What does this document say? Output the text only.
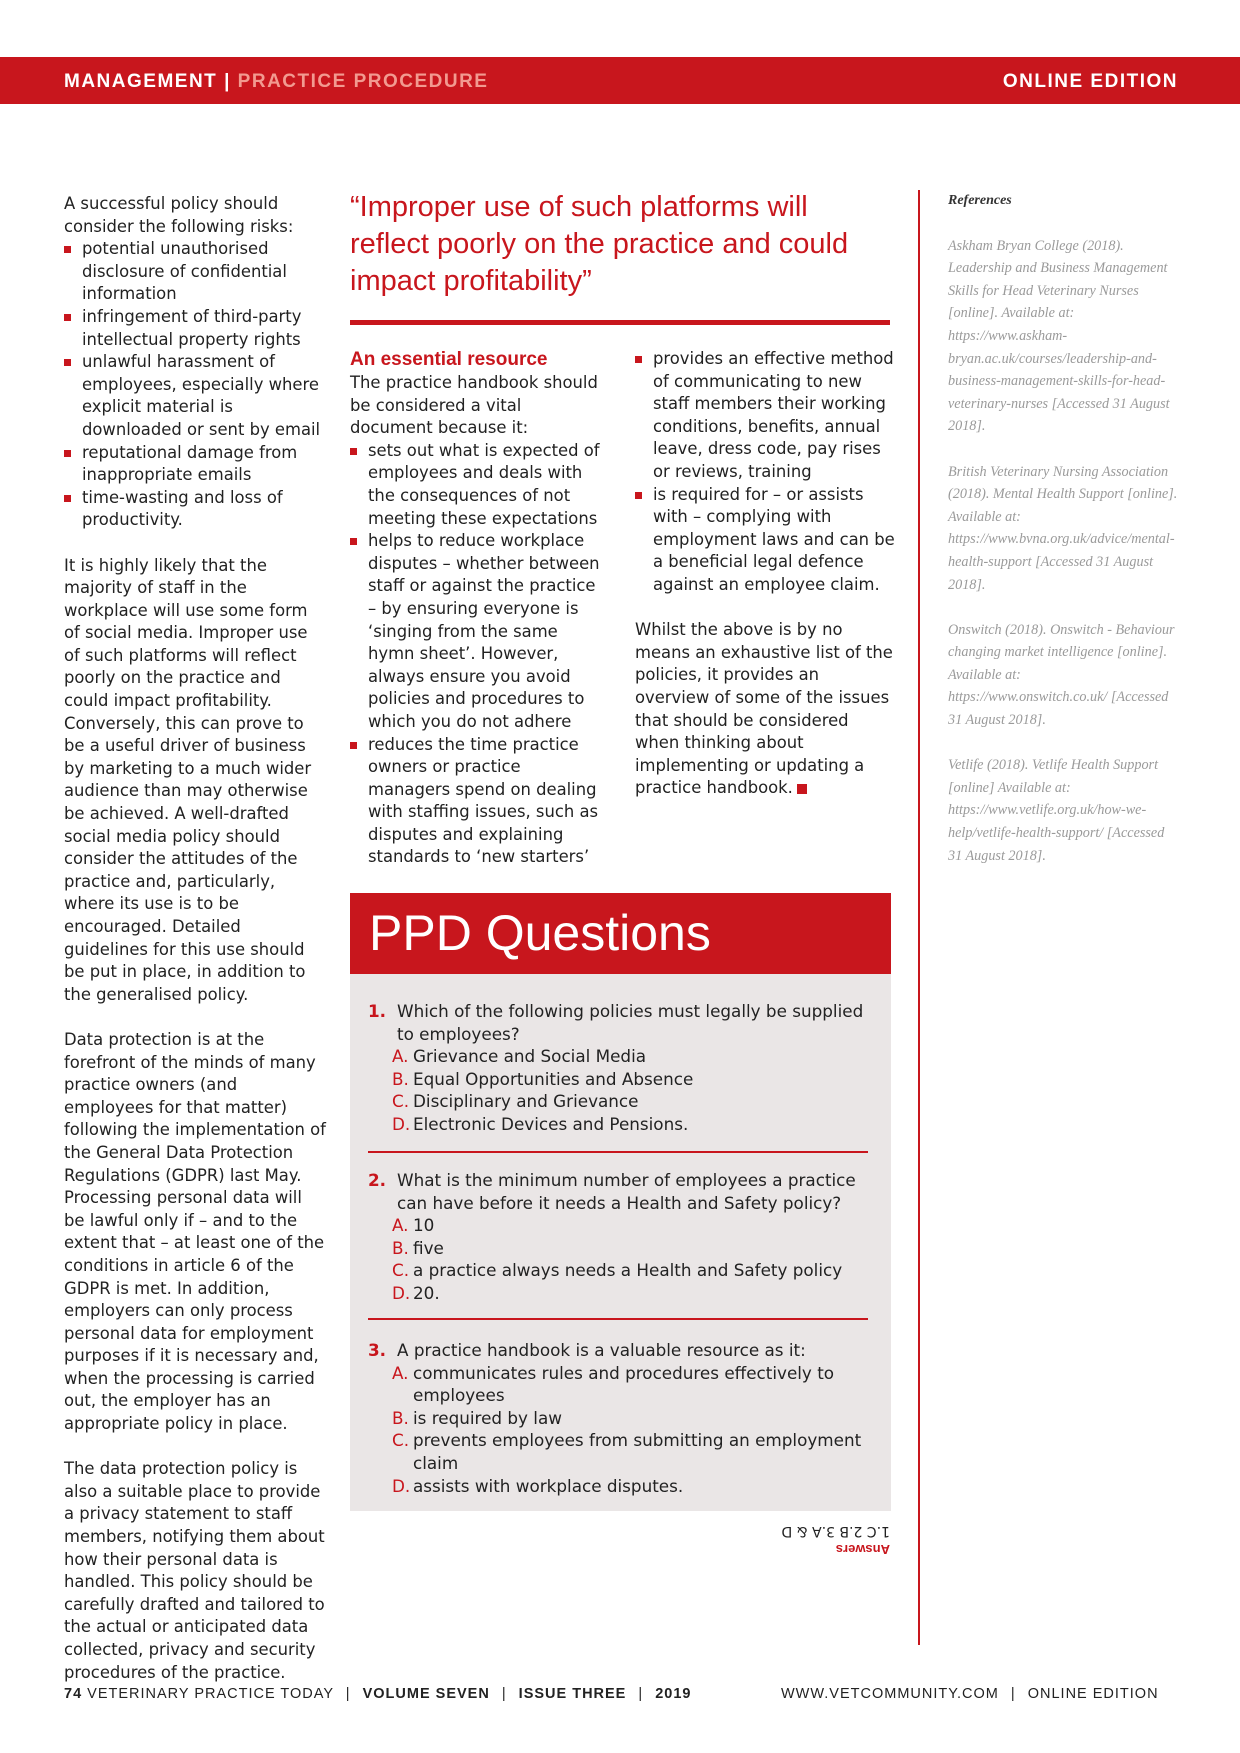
MANAGEMENT | PRACTICE PROCEDURE	ONLINE EDITION

A successful policy should consider the following risks:

potential unauthorised disclosure of confidential information
infringement of third-party intellectual property rights
unlawful harassment of employees, especially where explicit material is downloaded or sent by email
reputational damage from inappropriate emails
time-wasting and loss of productivity.

It is highly likely that the majority of staff in the workplace will use some form of social media. Improper use of such platforms will reflect poorly on the practice and could impact profitability. Conversely, this can prove to be a useful driver of business by marketing to a much wider audience than may otherwise be achieved. A well-drafted social media policy should consider the attitudes of the practice and, particularly, where its use is to be encouraged. Detailed guidelines for this use should be put in place, in addition to the generalised policy.

Data protection is at the forefront of the minds of many practice owners (and employees for that matter) following the implementation of the General Data Protection Regulations (GDPR) last May. Processing personal data will be lawful only if – and to the extent that – at least one of the conditions in article 6 of the GDPR is met. In addition, employers can only process personal data for employment purposes if it is necessary and, when the processing is carried out, the employer has an appropriate policy in place.

The data protection policy is also a suitable place to provide a privacy statement to staff members, notifying them about how their personal data is handled. This policy should be carefully drafted and tailored to the actual or anticipated data collected, privacy and security procedures of the practice.

“Improper use of such platforms will reflect poorly on the practice and could impact profitability”
An essential resource

The practice handbook should be considered a vital document because it:

sets out what is expected of employees and deals with the consequences of not meeting these expectations
helps to reduce workplace disputes – whether between staff or against the practice – by ensuring everyone is ‘singing from the same hymn sheet’. However, always ensure you avoid policies and procedures to which you do not adhere
reduces the time practice owners or practice managers spend on dealing with staffing issues, such as disputes and explaining standards to ‘new starters’
provides an effective method of communicating to new staff members their working conditions, benefits, annual leave, dress code, pay rises or reviews, training
is required for – or assists with – complying with employment laws and can be a beneficial legal defence against an employee claim.

Whilst the above is by no means an exhaustive list of the policies, it provides an overview of some of the issues that should be considered when thinking about implementing or updating a practice handbook.

PPD Questions
1. Which of the following policies must legally be supplied to employees?
A. Grievance and Social Media
B. Equal Opportunities and Absence
C. Disciplinary and Grievance
D. Electronic Devices and Pensions.
2. What is the minimum number of employees a practice can have before it needs a Health and Safety policy?
A. 10
B. five
C. a practice always needs a Health and Safety policy
D. 20.
3. A practice handbook is a valuable resource as it:
A. communicates rules and procedures effectively to employees
B. is required by law
C. prevents employees from submitting an employment claim
D. assists with workplace disputes.
Answers
1.C 2.B 3.A & D
References

Askham Bryan College (2018). Leadership and Business Management Skills for Head Veterinary Nurses [online]. Available at: https://www.askham-bryan.ac.uk/courses/leadership-and-business-management-skills-for-head-veterinary-nurses [Accessed 31 August 2018].

British Veterinary Nursing Association (2018). Mental Health Support [online]. Available at: https://www.bvna.org.uk/advice/mental-health-support [Accessed 31 August 2018].

Onswitch (2018). Onswitch - Behaviour changing market intelligence [online]. Available at: https://www.onswitch.co.uk/ [Accessed 31 August 2018].

Vetlife (2018). Vetlife Health Support [online] Available at: https://www.vetlife.org.uk/how-we-help/vetlife-health-support/ [Accessed 31 August 2018].

74 VETERINARY PRACTICE TODAY | VOLUME SEVEN | ISSUE THREE | 2019	WWW.VETCOMMUNITY.COM | ONLINE EDITION
